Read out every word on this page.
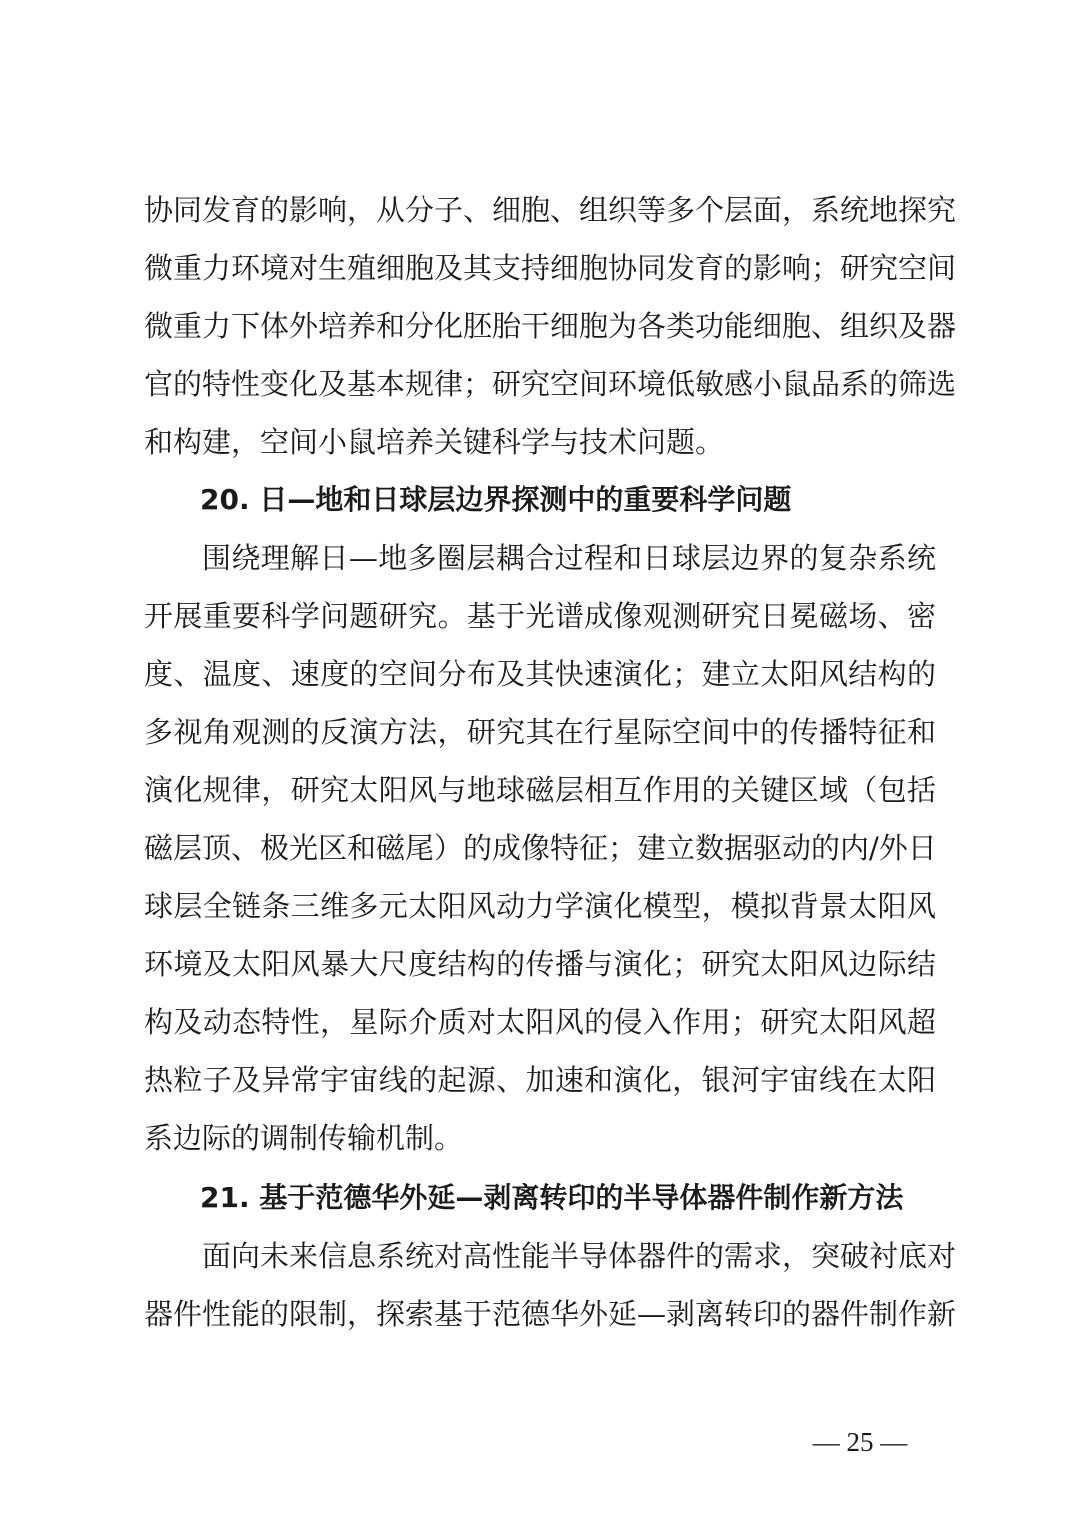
协同发育的影响，从分子、细胞、组织等多个层面，系统地探究
微重力环境对生殖细胞及其支持细胞协同发育的影响；研究空间
微重力下体外培养和分化胚胎干细胞为各类功能细胞、组织及器
官的特性变化及基本规律；研究空间环境低敏感小鼠品系的筛选
和构建，空间小鼠培养关键科学与技术问题。
20. 日—地和日球层边界探测中的重要科学问题
围绕理解日—地多圈层耦合过程和日球层边界的复杂系统
开展重要科学问题研究。基于光谱成像观测研究日冕磁场、密
度、温度、速度的空间分布及其快速演化；建立太阳风结构的
多视角观测的反演方法，研究其在行星际空间中的传播特征和
演化规律，研究太阳风与地球磁层相互作用的关键区域（包括
磁层顶、极光区和磁尾）的成像特征；建立数据驱动的内/外日
球层全链条三维多元太阳风动力学演化模型，模拟背景太阳风
环境及太阳风暴大尺度结构的传播与演化；研究太阳风边际结
构及动态特性，星际介质对太阳风的侵入作用；研究太阳风超
热粒子及异常宇宙线的起源、加速和演化，银河宇宙线在太阳
系边际的调制传输机制。
21. 基于范德华外延—剥离转印的半导体器件制作新方法
面向未来信息系统对高性能半导体器件的需求，突破衬底对
器件性能的限制，探索基于范德华外延—剥离转印的器件制作新
— 25 —
